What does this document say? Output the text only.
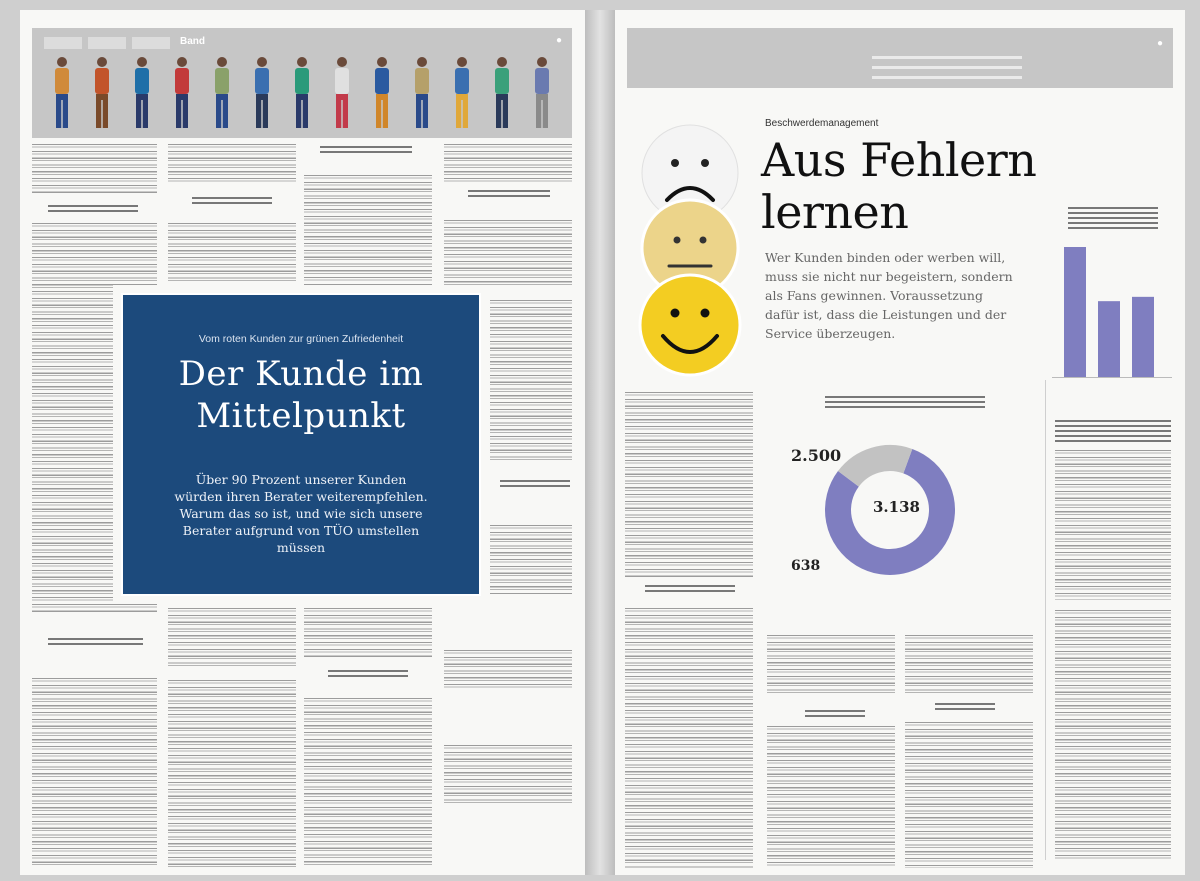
Band	●
Vom roten Kunden zur grünen Zufriedenheit
Der Kunde im
Mittelpunkt
Über 90 Prozent unserer Kunden würden ihren Berater weiterempfehlen. Warum das so ist, und wie sich unsere Berater aufgrund von TÜO umstellen müssen
●
Beschwerdemanagement
Aus Fehlern
lernen
Wer Kunden binden oder werben will, muss sie nicht nur begeistern, sondern als Fans gewinnen. Voraussetzung dafür ist, dass die Leistungen und der Service überzeugen.
3.138
2.500
638
